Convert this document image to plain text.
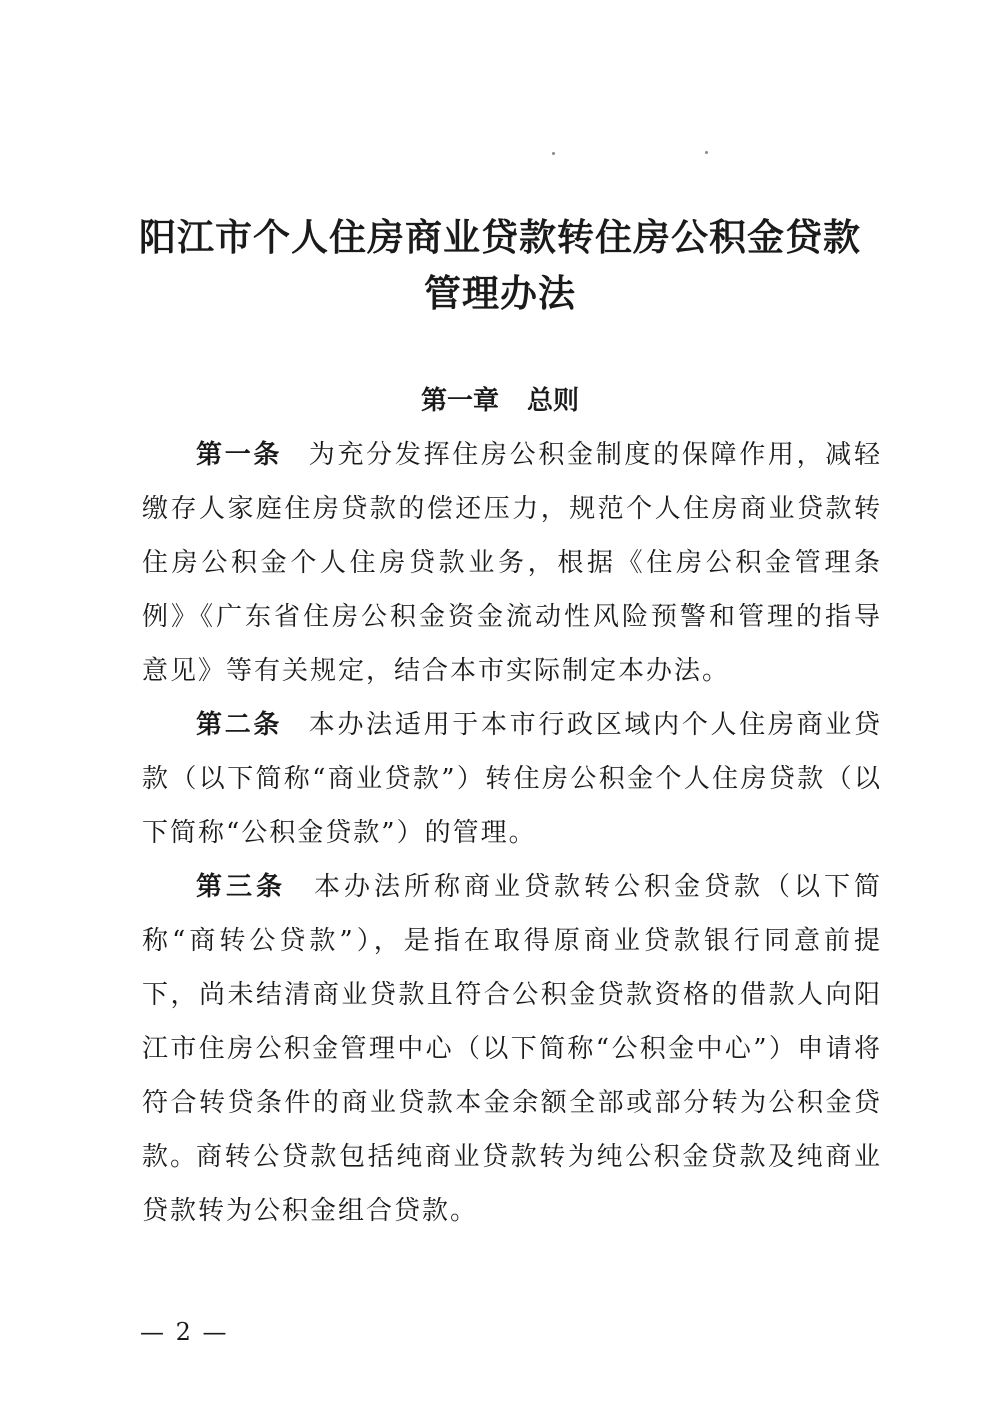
阳江市个人住房商业贷款转住房公积金贷款
管理办法
第一章 总则

第一条 为充分发挥住房公积金制度的保障作用，减轻缴存人家庭住房贷款的偿还压力，规范个人住房商业贷款转住房公积金个人住房贷款业务，根据《住房公积金管理条例》《广东省住房公积金资金流动性风险预警和管理的指导意见》等有关规定，结合本市实际制定本办法。

第二条 本办法适用于本市行政区域内个人住房商业贷款（以下简称“商业贷款”）转住房公积金个人住房贷款（以下简称“公积金贷款”）的管理。

第三条 本办法所称商业贷款转公积金贷款（以下简称“商转公贷款”），是指在取得原商业贷款银行同意前提下，尚未结清商业贷款且符合公积金贷款资格的借款人向阳江市住房公积金管理中心（以下简称“公积金中心”）申请将符合转贷条件的商业贷款本金余额全部或部分转为公积金贷款。

商转公贷款包括纯商业贷款转为纯公积金贷款及纯商业贷款转为公积金组合贷款。

— 2 —
